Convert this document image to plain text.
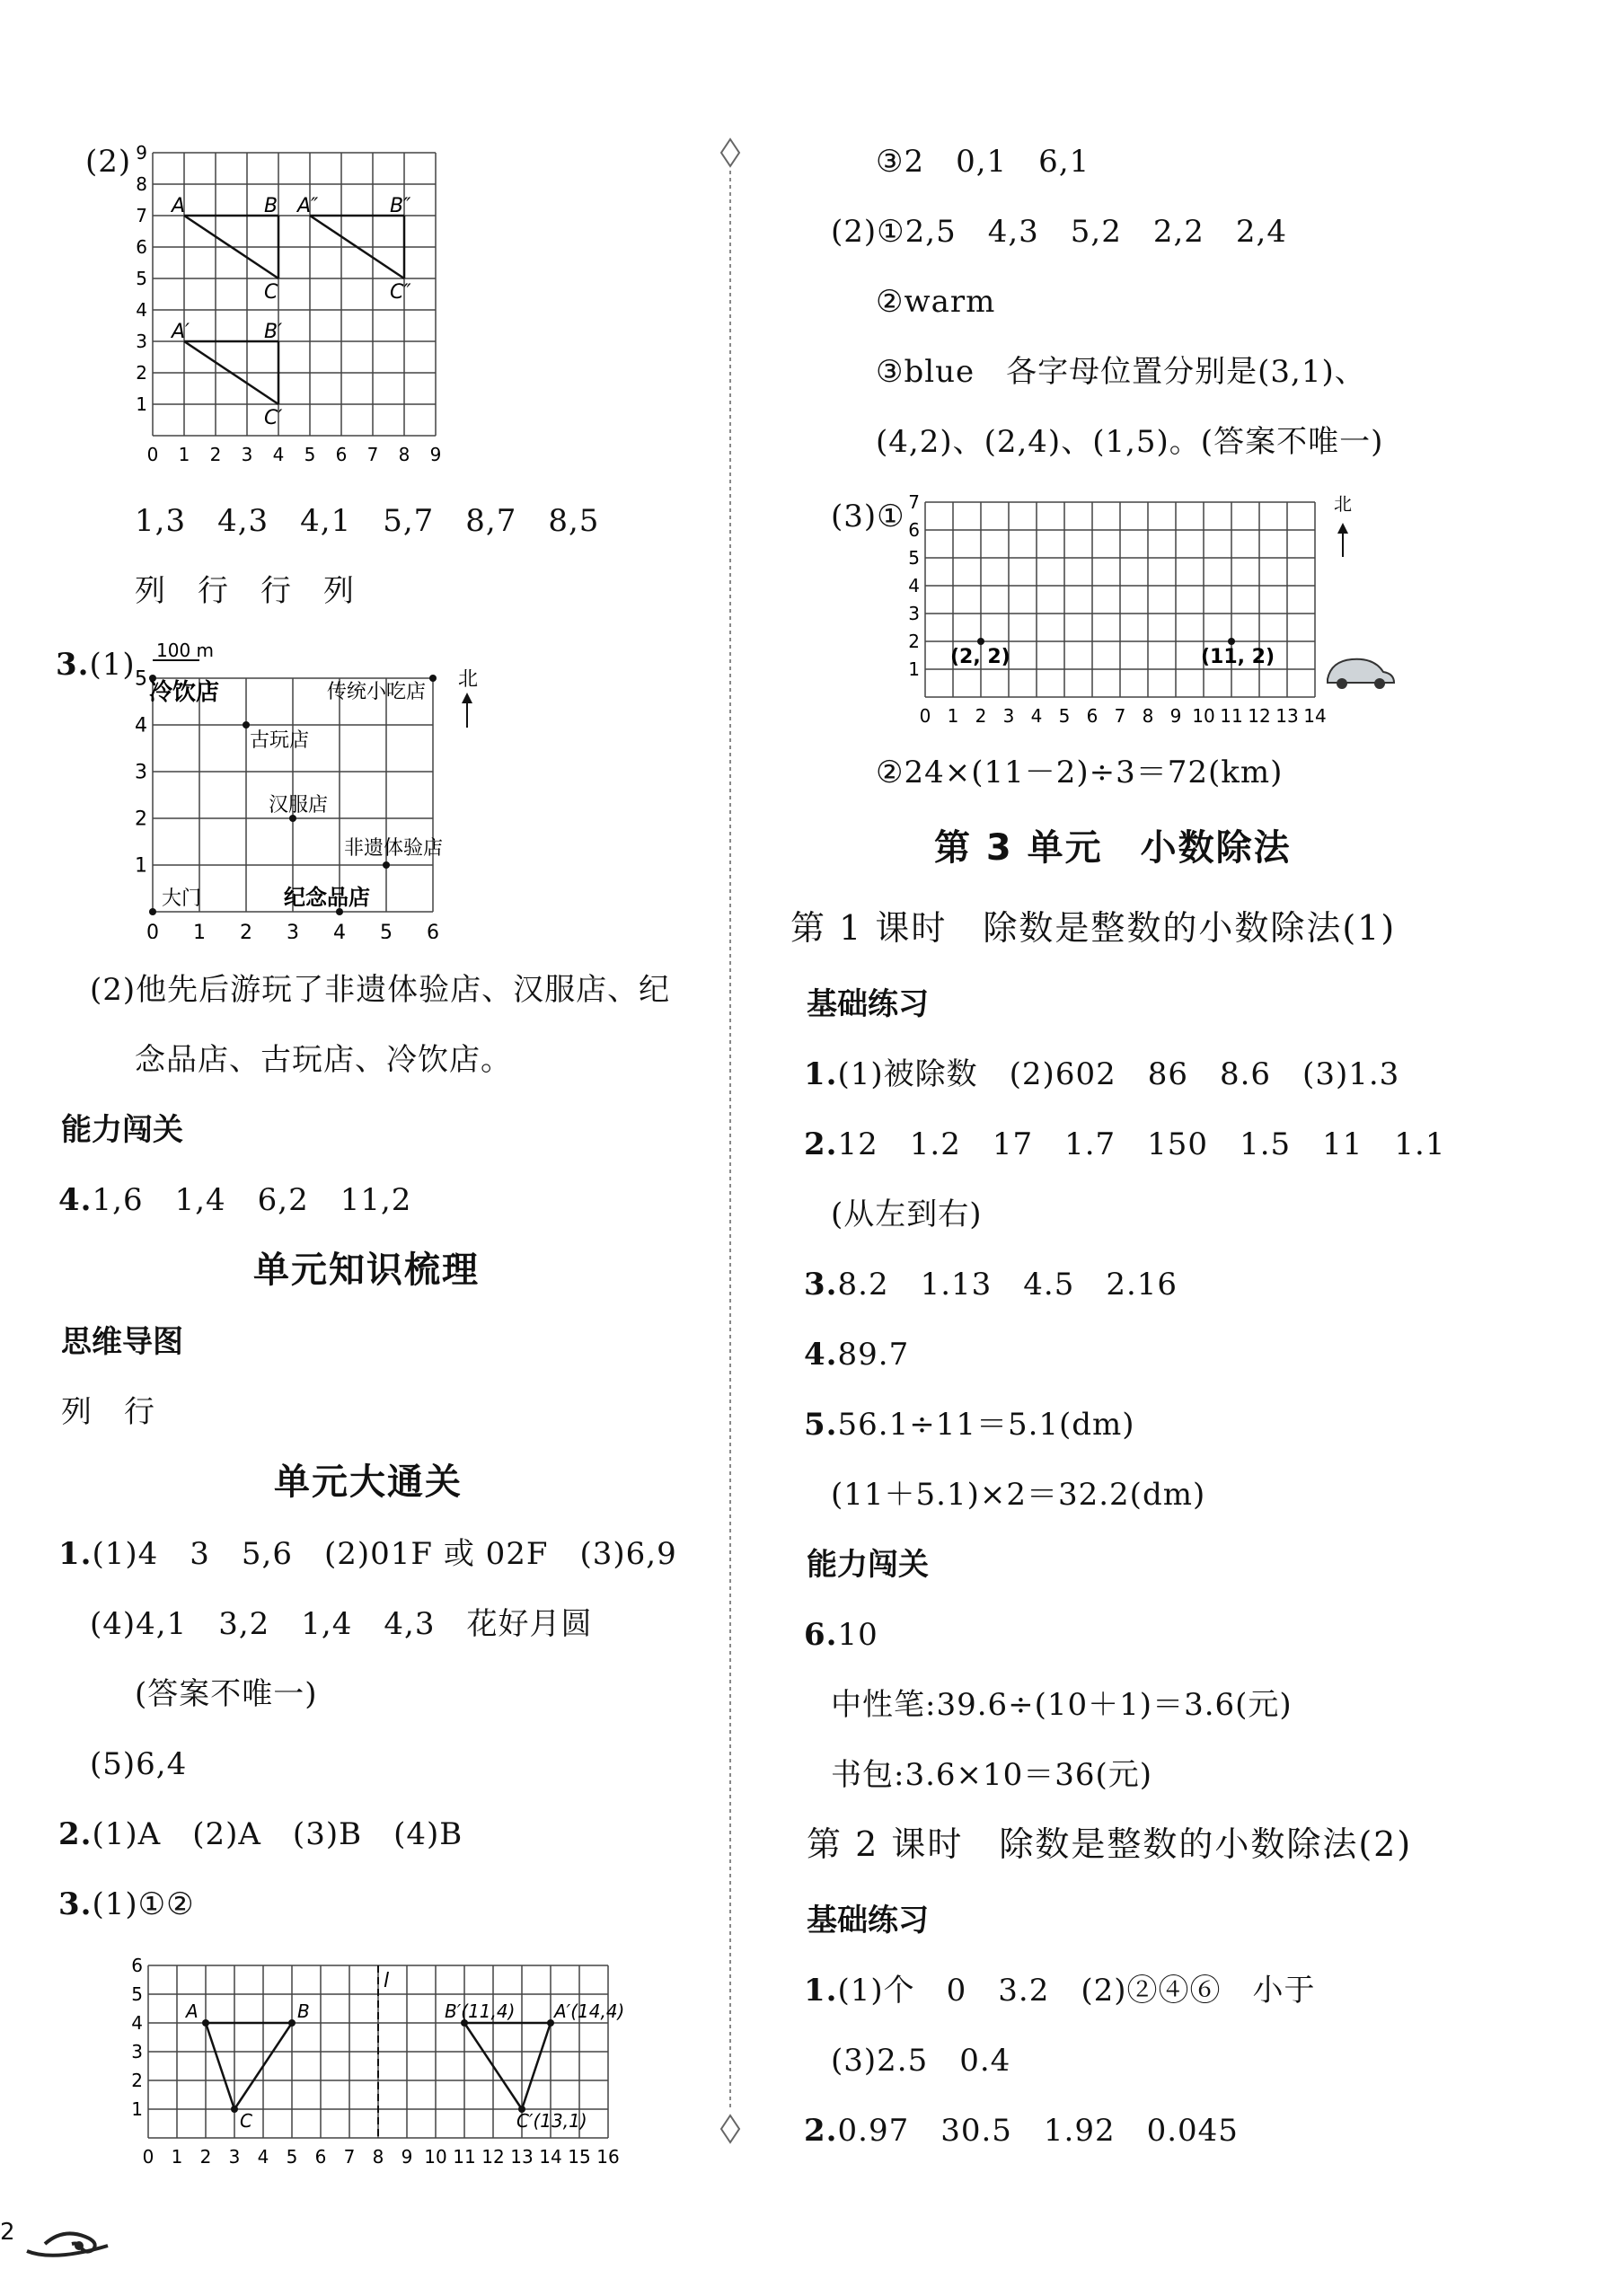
(2)
0 1 2 3 4 5 6 7 8 9
1
2
3
4
5
6
7
8
9
A	B
C
A″	B″
C″
A′	B′
C′
1,3　4,3　4,1　5,7　8,7　8,5
列　行　行　列
3.(1)
0 1 2 3 4 5 6
1
2
3
4
5
100 m
北
冷饮店	传统小吃店
古玩店
汉服店
非遗体验店
大门	纪念品店
(2)他先后游玩了非遗体验店、汉服店、纪
念品店、古玩店、冷饮店。
能力闯关
4.1,6　1,4　6,2　11,2
单元知识梳理
思维导图
列　行
单元大通关
1.(1)4　3　5,6　(2)01F 或 02F　(3)6,9
(4)4,1　3,2　1,4　4,3　花好月圆
(答案不唯一)
(5)6,4
2.(1)A　(2)A　(3)B　(4)B
3.(1)①②
0 1 2 3 4 5 6 7 8 9 10 11 12 13 14 15 16
1
2
3
4
5
6
l
A	B
C
B′(11,4) A′(14,4)
C′(13,1)
2
③2　0,1　6,1
(2)①2,5　4,3　5,2　2,2　2,4
②warm
③blue　各字母位置分别是(3,1)、
(4,2)、(2,4)、(1,5)。(答案不唯一)
(3)①
0 1 2 3 4 5 6 7 8 9 10 11 12 13 14
1
2
3
4
5
6
7
(2, 2)	(11, 2)
北
②24×(11－2)÷3＝72(km)
第 3 单元　小数除法
第 1 课时　除数是整数的小数除法(1)
基础练习
1.(1)被除数　(2)602　86　8.6　(3)1.3
2.12　1.2　17　1.7　150　1.5　11　1.1
(从左到右)
3.8.2　1.13　4.5　2.16
4.89.7
5.56.1÷11＝5.1(dm)
(11＋5.1)×2＝32.2(dm)
能力闯关
6.10
中性笔:39.6÷(10＋1)＝3.6(元)
书包:3.6×10＝36(元)
第 2 课时　除数是整数的小数除法(2)
基础练习
1.(1)个　0　3.2　(2)②④⑥　小于
(3)2.5　0.4
2.0.97　30.5　1.92　0.045
